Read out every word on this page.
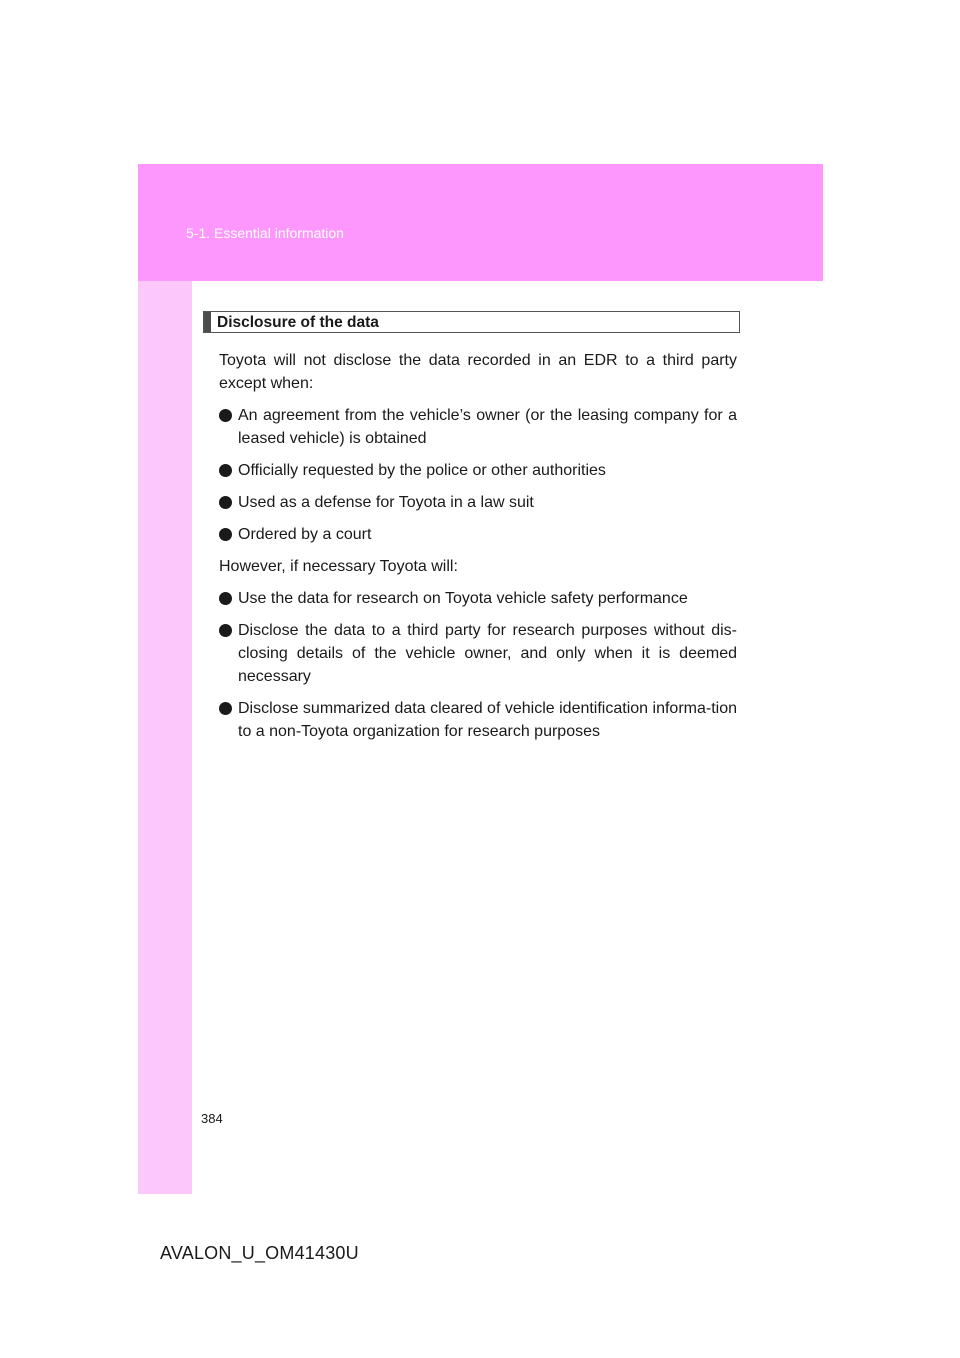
5-1. Essential information
Disclosure of the data

Toyota will not disclose the data recorded in an EDR to a third party except when:

An agreement from the vehicle’s owner (or the leasing company for a leased vehicle) is obtained
Officially requested by the police or other authorities
Used as a defense for Toyota in a law suit
Ordered by a court

However, if necessary Toyota will:

Use the data for research on Toyota vehicle safety performance
Disclose the data to a third party for research purposes without dis-closing details of the vehicle owner, and only when it is deemed necessary
Disclose summarized data cleared of vehicle identification informa-tion to a non-Toyota organization for research purposes
384
AVALON_U_OM41430U
